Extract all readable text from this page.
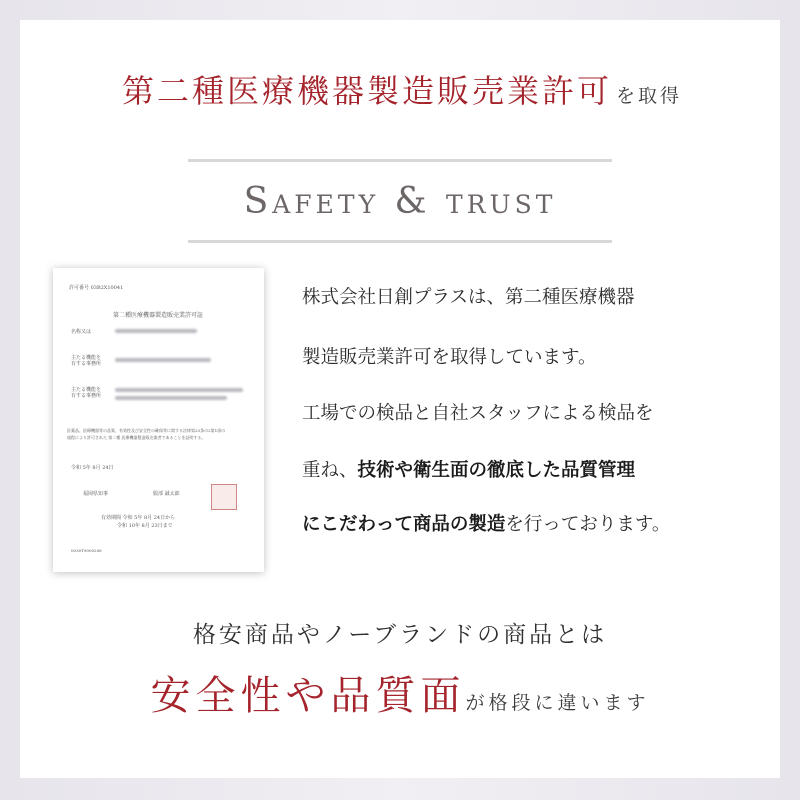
第二種医療機器製造販売業許可 を取得
Safety & trust
許可番号 03B2X10041
第二種医療機器製造販売業許可証
名称又は
主たる機能を
有する事務所
主たる機能を
有する事務所
医薬品、医療機器等の品質、有効性及び安全性の確保等に関する法律第23条の2第1項の
規程により許可された 第二種 医療機器製造販売業者であることを証明する。
令和 5年 8月 24日
福岡県知事	服部 誠太郎
有効期間 令和 5年 8月 24日から
令和 10年 8月 23日まで
0030T9000206
株式会社日創プラスは、第二種医療機器
製造販売業許可を取得しています。
工場での検品と自社スタッフによる検品を
重ね、技術や衛生面の徹底した品質管理
にこだわって商品の製造を行っております。
格安商品やノーブランドの商品とは
安全性や品質面が格段に違います
